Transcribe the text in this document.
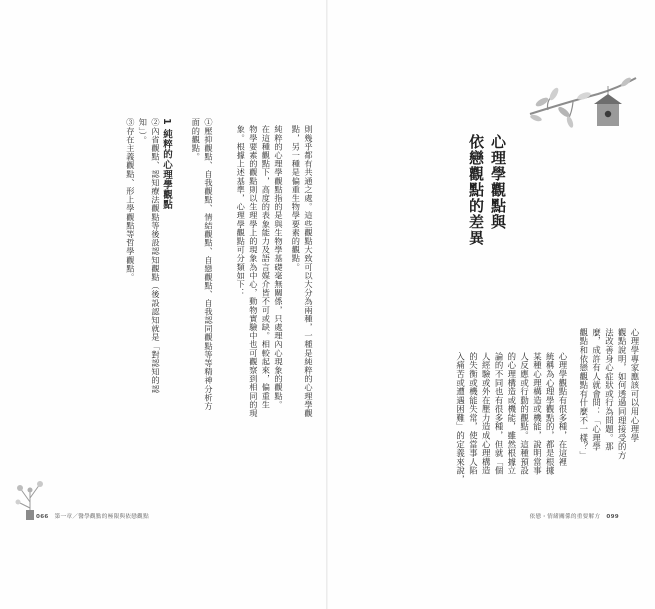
則幾乎都有共通之處。這些觀點大致可以大分為兩種，一種是純粹的心理學觀
點，另一種是偏重生物學要素的觀點。
純粹的心理學觀點指的是與生物學基礎毫無關係，只處理內心現象的觀點。
在這種觀點下，高度的表象能力及語言媒介皆不可或缺。相較起來，偏重生
物學要素的觀點則以生理學上的現象為中心，動物實驗中也可觀察到相同的現
象。根據上述基準，心理學觀點可分類如下：
1 純粹的心理學觀點	①壓抑觀點、自我觀點、情結觀點、自戀觀點、自我認同觀點等等精神分析方
面的觀點。
②內省觀點、認知療法觀點等後設認知觀點（後設認知就是「對認知的認
知」）。
③存在主義觀點、形上學觀點等哲學觀點。
066 第一章／醫學觀點的極限與依戀觀點
心理學觀點與
依戀觀點的差異
心理學專家應該可以用心理學
觀點說明，如何透過同理接受的方
法改善身心症狀或行為問題。那
麼，成許有人就會問：「心理學
觀點和依戀觀點有什麼不一樣？」
心理學觀點有很多種，在這裡
統稱為心理學觀點的，都是根據
某種心理構造或機能，說明當事
人反應或行動的觀點。這種預設
的心理構造或機能，雖然根據立
論的不同也有很多種，但就「個
人經驗或外在壓力造成心理構造
的失衡或機能失常，使當事人陷
入痛苦或遭遇困難」的定義來說，
依戀・情緒關係的重要解方 099
